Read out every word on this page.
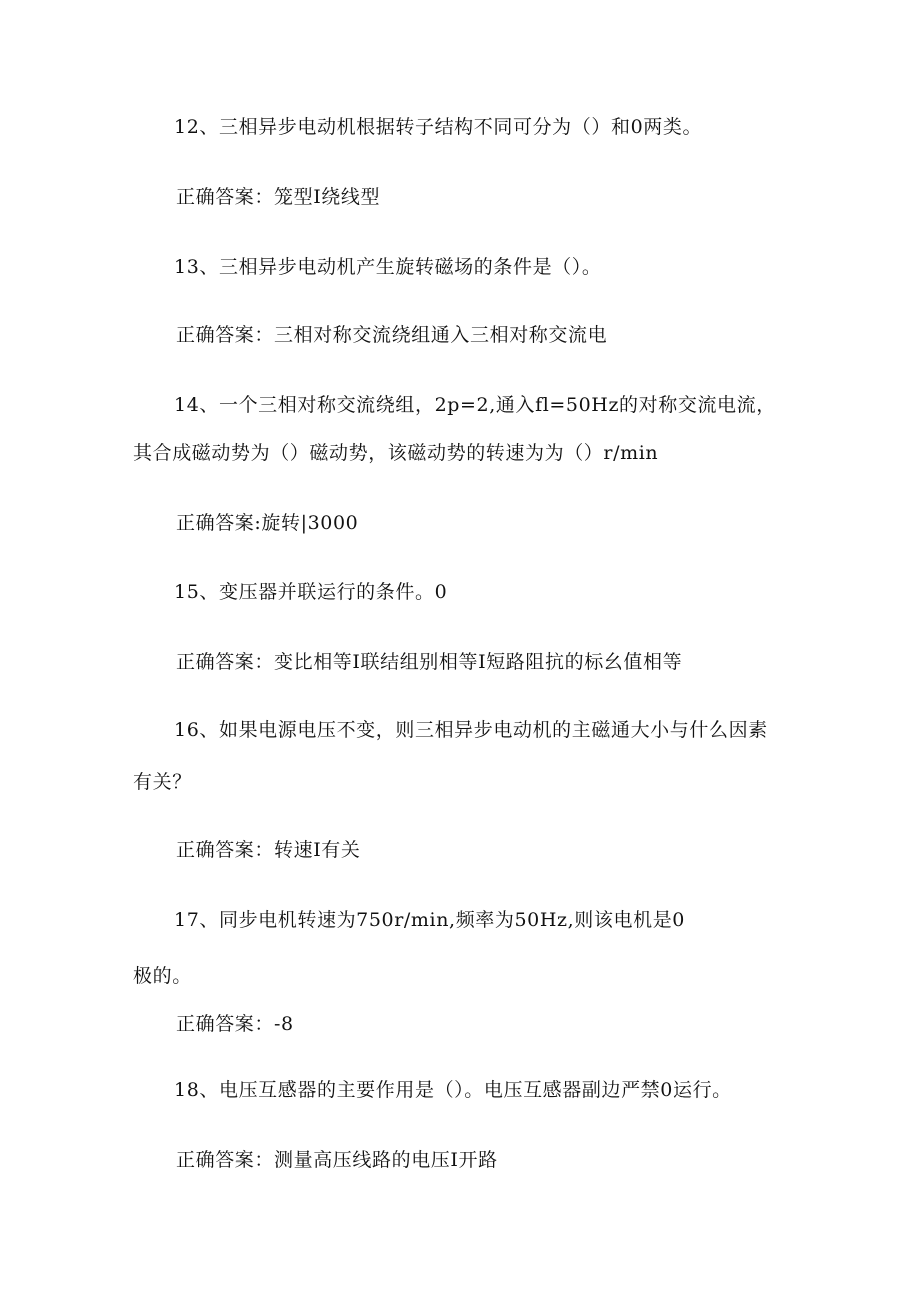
12、三相异步电动机根据转子结构不同可分为（）和0两类。
正确答案：笼型I绕线型
13、三相异步电动机产生旋转磁场的条件是（）。
正确答案：三相对称交流绕组通入三相对称交流电
14、一个三相对称交流绕组，2p=2,通入fl=50Hz的对称交流电流，
其合成磁动势为（）磁动势，该磁动势的转速为为（）r/min
正确答案:旋转|3000
15、变压器并联运行的条件。0
正确答案：变比相等I联结组别相等I短路阻抗的标幺值相等
16、如果电源电压不变，则三相异步电动机的主磁通大小与什么因素
有关？
正确答案：转速I有关
17、同步电机转速为750r/min,频率为50Hz,则该电机是0
极的。
正确答案：-8
18、电压互感器的主要作用是（）。电压互感器副边严禁0运行。
正确答案：测量高压线路的电压I开路
